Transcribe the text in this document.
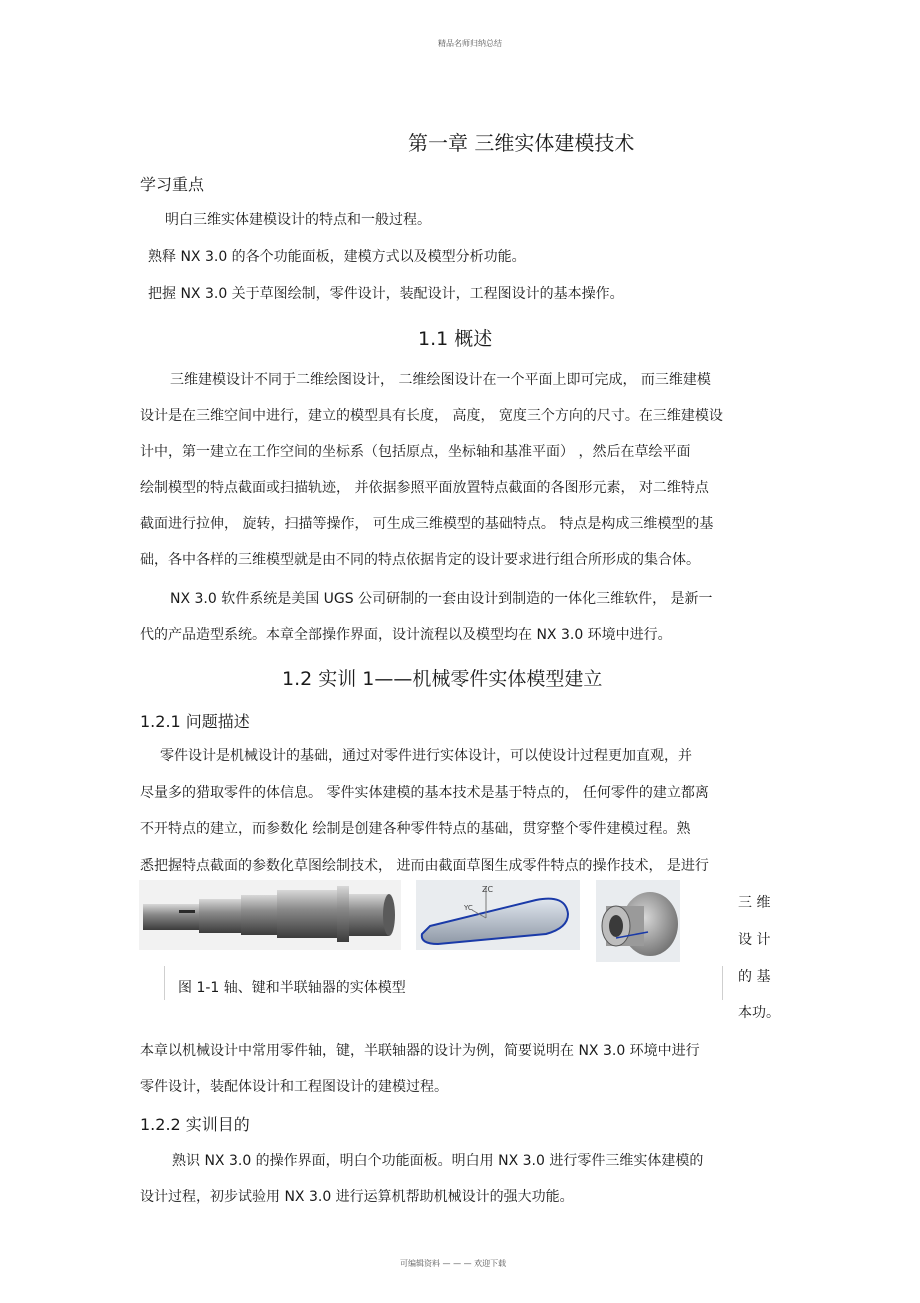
精品名师归纳总结
第一章 三维实体建模技术
学习重点
明白三维实体建模设计的特点和一般过程。
熟释 NX 3.0 的各个功能面板，建模方式以及模型分析功能。
把握 NX 3.0 关于草图绘制，零件设计，装配设计，工程图设计的基本操作。
1.1 概述
三维建模设计不同于二维绘图设计， 二维绘图设计在一个平面上即可完成， 而三维建模
设计是在三维空间中进行，建立的模型具有长度， 高度， 宽度三个方向的尺寸。在三维建模设
计中，第一建立在工作空间的坐标系（包括原点，坐标轴和基准平面） ，然后在草绘平面
绘制模型的特点截面或扫描轨迹， 并依据参照平面放置特点截面的各图形元素， 对二维特点
截面进行拉伸， 旋转，扫描等操作， 可生成三维模型的基础特点。 特点是构成三维模型的基
础，各中各样的三维模型就是由不同的特点依据肯定的设计要求进行组合所形成的集合体。
NX 3.0 软件系统是美国 UGS 公司研制的一套由设计到制造的一体化三维软件， 是新一
代的产品造型系统。本章全部操作界面，设计流程以及模型均在 NX 3.0 环境中进行。
1.2 实训 1——机械零件实体模型建立
1.2.1 问题描述
零件设计是机械设计的基础，通过对零件进行实体设计，可以使设计过程更加直观，并
尽量多的猎取零件的体信息。 零件实体建模的基本技术是基于特点的， 任何零件的建立都离
不开特点的建立，而参数化 绘制是创建各种零件特点的基础，贯穿整个零件建模过程。熟
悉把握特点截面的参数化草图绘制技术， 进而由截面草图生成零件特点的操作技术， 是进行
ZC
YC	三 维
设 计
的 基
本功。
图 1-1 轴、键和半联轴器的实体模型
本章以机械设计中常用零件轴，键，半联轴器的设计为例，简要说明在 NX 3.0 环境中进行
零件设计，装配体设计和工程图设计的建模过程。
1.2.2 实训目的
熟识 NX 3.0 的操作界面，明白个功能面板。明白用 NX 3.0 进行零件三维实体建模的
设计过程，初步试验用 NX 3.0 进行运算机帮助机械设计的强大功能。
可编辑资料 — — — 欢迎下载
